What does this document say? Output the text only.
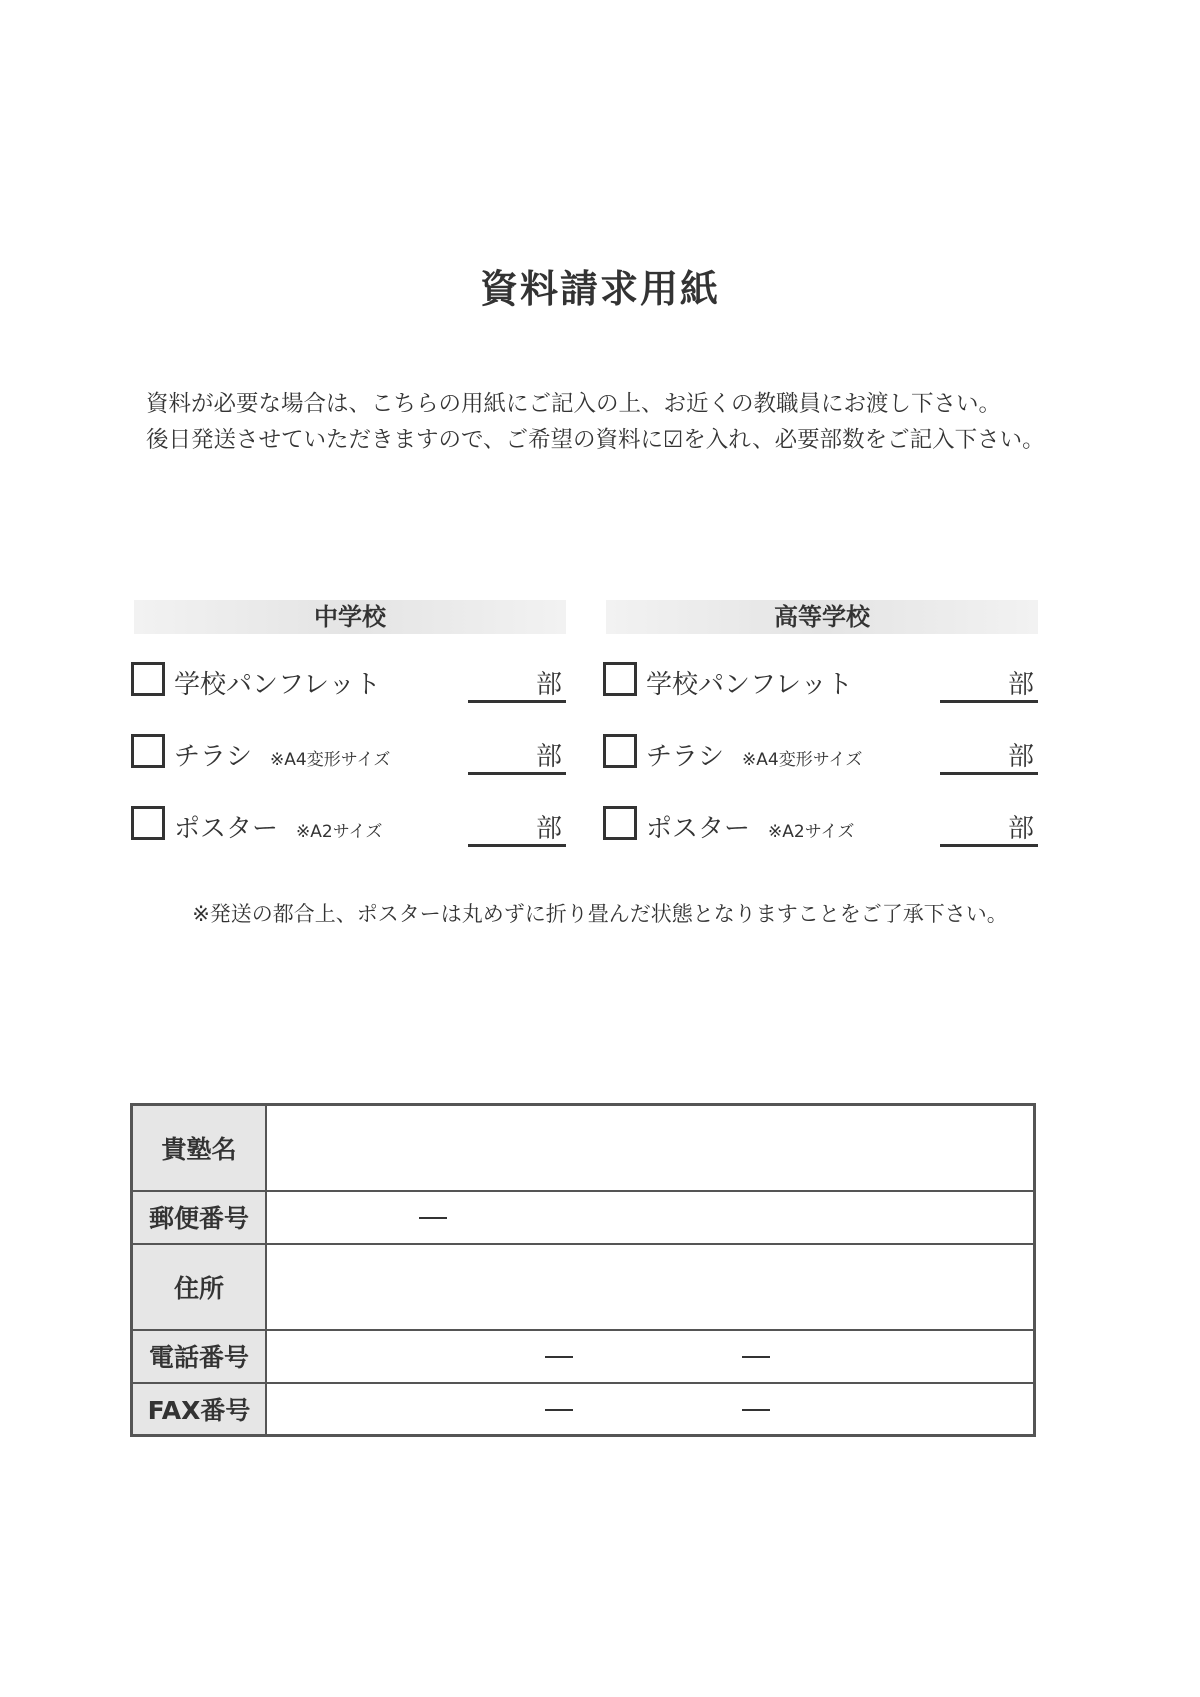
資料請求用紙

資料が必要な場合は、こちらの用紙にご記入の上、お近くの教職員にお渡し下さい。

後日発送させていただきますので、ご希望の資料に☑を入れ、必要部数をご記入下さい。

中学校
学校パンフレット	部
チラシ ※A4変形サイズ	部
ポスター ※A2サイズ	部
高等学校
学校パンフレット	部
チラシ ※A4変形サイズ	部
ポスター ※A2サイズ	部
※発送の都合上、ポスターは丸めずに折り畳んだ状態となりますことをご了承下さい。
貴塾名	
郵便番号	

住所	
電話番号	

FAX番号	
